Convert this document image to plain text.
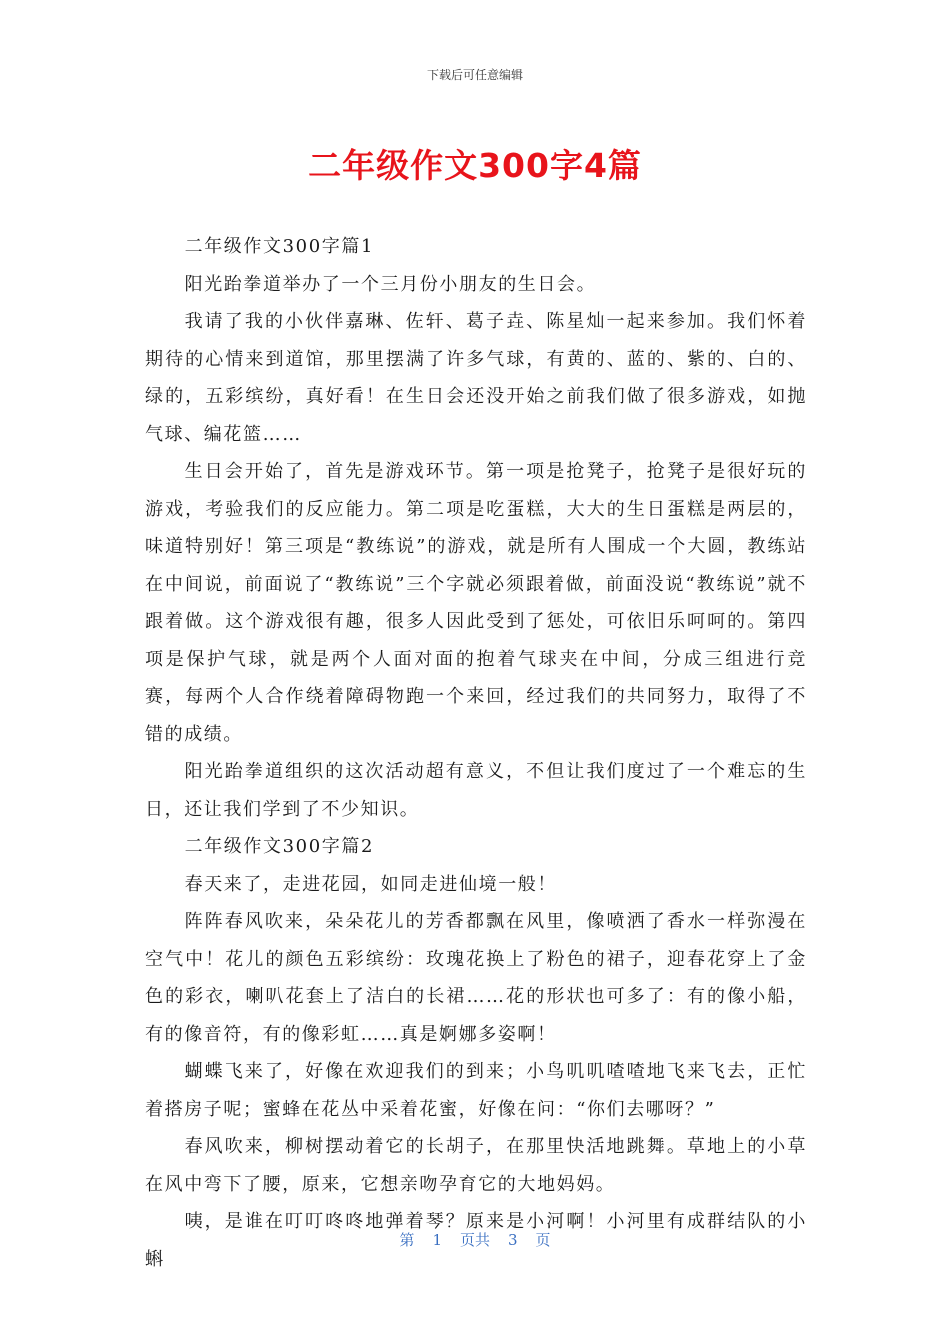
下载后可任意编辑
二年级作文300字4篇

二年级作文300字篇1

阳光跆拳道举办了一个三月份小朋友的生日会。

我请了我的小伙伴嘉琳、佐轩、葛子垚、陈星灿一起来参加。我们怀着期待的心情来到道馆，那里摆满了许多气球，有黄的、蓝的、紫的、白的、绿的，五彩缤纷，真好看！在生日会还没开始之前我们做了很多游戏，如抛气球、编花篮……

生日会开始了，首先是游戏环节。第一项是抢凳子，抢凳子是很好玩的游戏，考验我们的反应能力。第二项是吃蛋糕，大大的生日蛋糕是两层的，味道特别好！第三项是“教练说”的游戏，就是所有人围成一个大圆，教练站在中间说，前面说了“教练说”三个字就必须跟着做，前面没说“教练说”就不跟着做。这个游戏很有趣，很多人因此受到了惩处，可依旧乐呵呵的。第四项是保护气球，就是两个人面对面的抱着气球夹在中间，分成三组进行竞赛，每两个人合作绕着障碍物跑一个来回，经过我们的共同努力，取得了不错的成绩。

阳光跆拳道组织的这次活动超有意义，不但让我们度过了一个难忘的生日，还让我们学到了不少知识。

二年级作文300字篇2

春天来了，走进花园，如同走进仙境一般！

阵阵春风吹来，朵朵花儿的芳香都飘在风里，像喷洒了香水一样弥漫在空气中！花儿的颜色五彩缤纷：玫瑰花换上了粉色的裙子，迎春花穿上了金色的彩衣，喇叭花套上了洁白的长裙……花的形状也可多了：有的像小船，有的像音符，有的像彩虹……真是婀娜多姿啊！

蝴蝶飞来了，好像在欢迎我们的到来；小鸟叽叽喳喳地飞来飞去，正忙着搭房子呢；蜜蜂在花丛中采着花蜜，好像在问：“你们去哪呀？”

春风吹来，柳树摆动着它的长胡子，在那里快活地跳舞。草地上的小草在风中弯下了腰，原来，它想亲吻孕育它的大地妈妈。

咦，是谁在叮叮咚咚地弹着琴？原来是小河啊！小河里有成群结队的小蝌

第 1 页共 3 页
